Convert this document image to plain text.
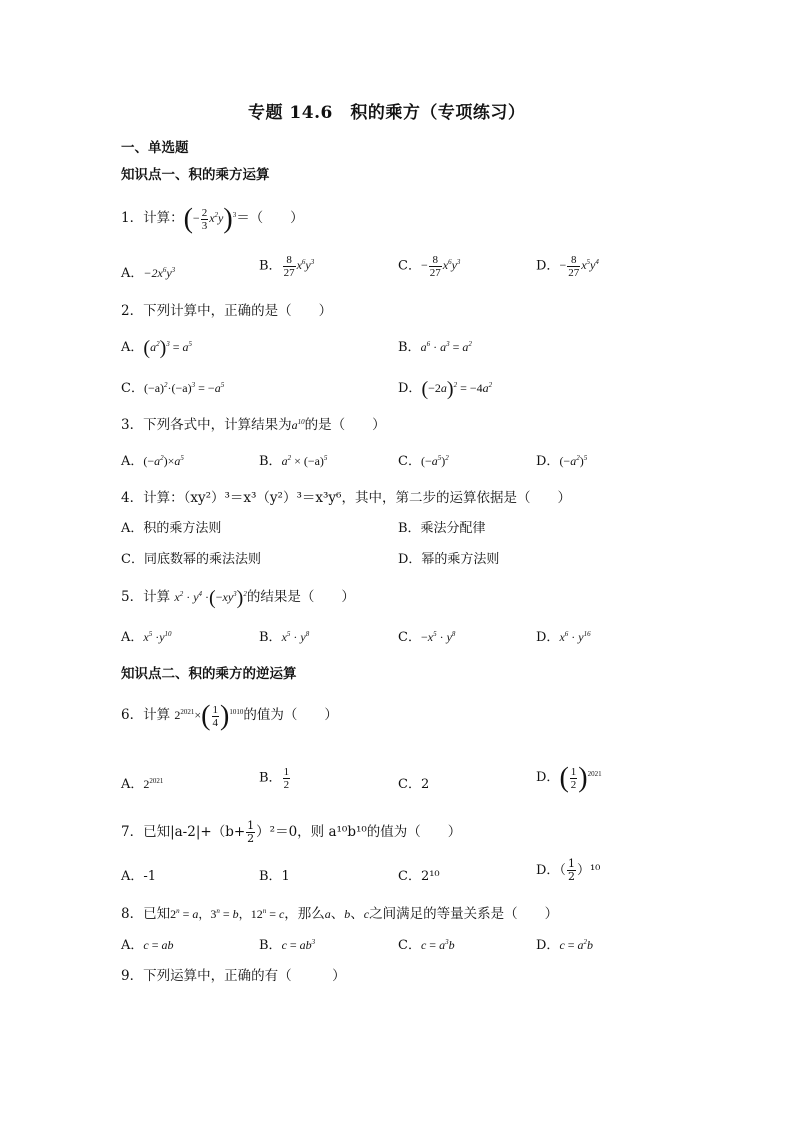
专题 14.6　积的乘方（专项练习）
一、单选题
知识点一、积的乘方运算
1．计算：(− $\frac{2}{3} x^2y)^3=$（　　）
A．$-2x^6y^3$	B． $\frac{8}{27} x^6y^3$	C．− $\frac{8}{27} x^6y^3$	D．− $\frac{8}{27} x^5y^4$
2．下列计算中，正确的是（　　）
A．$(a^2)^3 = a^5$	B．$a^6 \cdot a^3 = a^2$
C．$(-a)^2\cdot(-a)^3 = -a^5$	D．$(-2a)^2 = -4a^2$
3．下列各式中，计算结果为$a^{10}$的是（　　）
A．$(-a^2)\times a^5$	B．$a^2 \times (-a)^5$	C．$(-a^5)^2$	D．$(-a^2)^5$
4．计算：（xy²）³＝x³（y²）³＝x³y⁶，其中，第二步的运算依据是（　　）
A．积的乘方法则	B．乘法分配律
C．同底数幂的乘法法则	D．幂的乘方法则
5．计算 $x^2 \cdot y^4 \cdot(-xy^3)^2$的结果是（　　）
A．$x^5 \cdot y^{10}$	B．$x^5 \cdot y^8$	C．$-x^5 \cdot y^8$	D．$x^6 \cdot y^{16}$
知识点二、积的乘方的逆运算
6．计算 $2^{2021}\times( \frac{1}{4} )^{1010}$的值为（　　）
A．$2^{2021}$	B． $\frac{1}{2}$	C．2	D．( $\frac{1}{2} )^{2021}$
7．已知$|a-2|+(b+ \frac{1}{2} )^2=0$，则 a¹⁰b¹⁰的值为（　　）
A．-1	B．1	C．2¹⁰	D．（ $\frac{1}{2} )^{10}$
8．已知$2^n = a$，$3^n = b$，$12^n = c$，那么a、b、c之间满足的等量关系是（　　）
A．c = ab	B．$c = ab^3$	C．$c = a^3b$	D．$c = a^2b$
9．下列运算中，正确的有（　　　）
